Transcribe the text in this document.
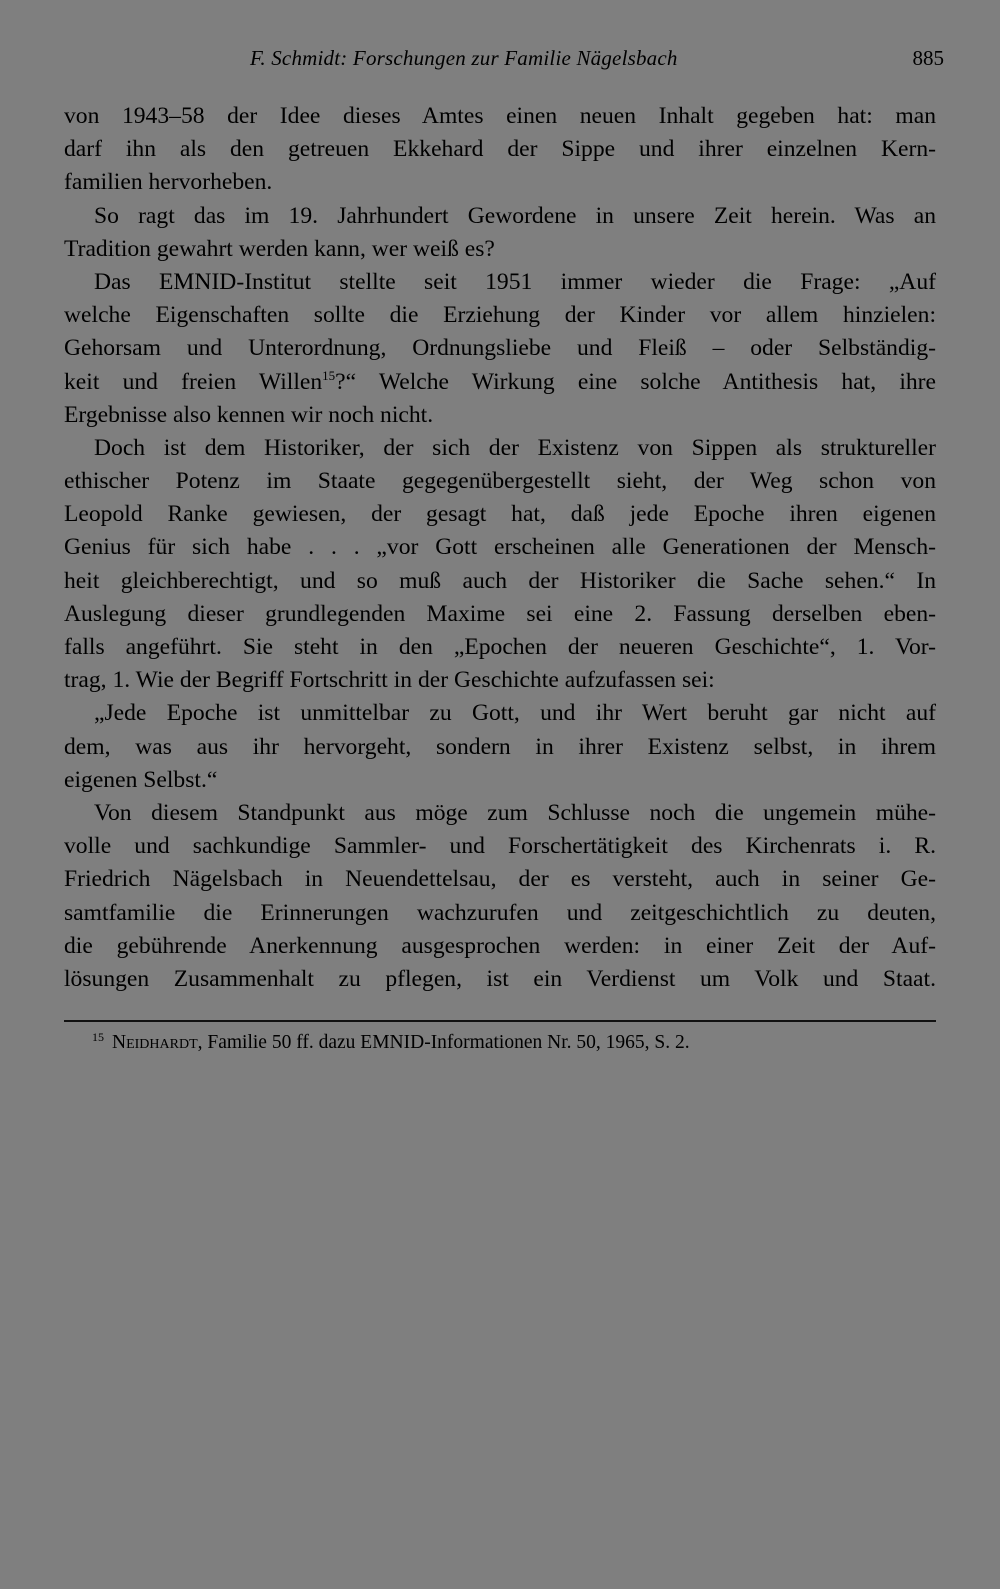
F. Schmidt: Forschungen zur Familie Nägelsbach	885
von 1943–58 der Idee dieses Amtes einen neuen Inhalt gegeben hat: man
darf ihn als den getreuen Ekkehard der Sippe und ihrer einzelnen Kern-
familien hervorheben.
So ragt das im 19. Jahrhundert Gewordene in unsere Zeit herein. Was an
Tradition gewahrt werden kann, wer weiß es?
Das EMNID-Institut stellte seit 1951 immer wieder die Frage: „Auf
welche Eigenschaften sollte die Erziehung der Kinder vor allem hinzielen:
Gehorsam und Unterordnung, Ordnungsliebe und Fleiß – oder Selbständig-
keit und freien Willen$^{15}$?“ Welche Wirkung eine solche Antithesis hat, ihre
Ergebnisse also kennen wir noch nicht.
Doch ist dem Historiker, der sich der Existenz von Sippen als struktureller
ethischer Potenz im Staate gegegenübergestellt sieht, der Weg schon von
Leopold Ranke gewiesen, der gesagt hat, daß jede Epoche ihren eigenen
Genius für sich habe . . . „vor Gott erscheinen alle Generationen der Mensch-
heit gleichberechtigt, und so muß auch der Historiker die Sache sehen.“ In
Auslegung dieser grundlegenden Maxime sei eine 2. Fassung derselben eben-
falls angeführt. Sie steht in den „Epochen der neueren Geschichte“, 1. Vor-
trag, 1. Wie der Begriff Fortschritt in der Geschichte aufzufassen sei:
„Jede Epoche ist unmittelbar zu Gott, und ihr Wert beruht gar nicht auf
dem, was aus ihr hervorgeht, sondern in ihrer Existenz selbst, in ihrem
eigenen Selbst.“
Von diesem Standpunkt aus möge zum Schlusse noch die ungemein mühe-
volle und sachkundige Sammler- und Forschertätigkeit des Kirchenrats i. R.
Friedrich Nägelsbach in Neuendettelsau, der es versteht, auch in seiner Ge-
samtfamilie die Erinnerungen wachzurufen und zeitgeschichtlich zu deuten,
die gebührende Anerkennung ausgesprochen werden: in einer Zeit der Auf-
lösungen Zusammenhalt zu pflegen, ist ein Verdienst um Volk und Staat.
$^{15}$ Neidhardt, Familie 50 ff. dazu EMNID-Informationen Nr. 50, 1965, S. 2.
